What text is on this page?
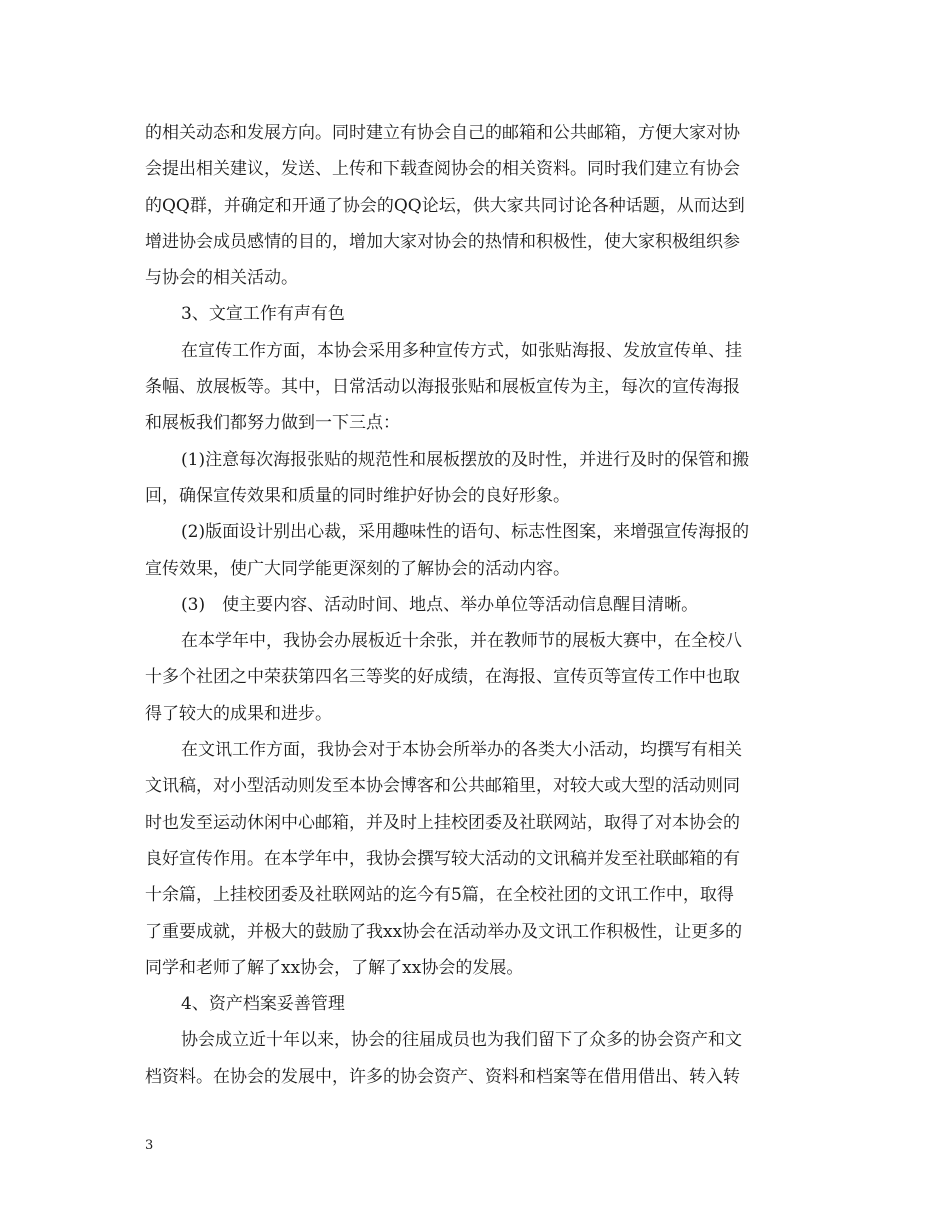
的相关动态和发展方向。同时建立有协会自己的邮箱和公共邮箱，方便大家对协
会提出相关建议，发送、上传和下载查阅协会的相关资料。同时我们建立有协会
的QQ群，并确定和开通了协会的QQ论坛，供大家共同讨论各种话题，从而达到
增进协会成员感情的目的，增加大家对协会的热情和积极性，使大家积极组织参
与协会的相关活动。
3、文宣工作有声有色
在宣传工作方面，本协会采用多种宣传方式，如张贴海报、发放宣传单、挂
条幅、放展板等。其中，日常活动以海报张贴和展板宣传为主，每次的宣传海报
和展板我们都努力做到一下三点：
(1)注意每次海报张贴的规范性和展板摆放的及时性，并进行及时的保管和搬
回，确保宣传效果和质量的同时维护好协会的良好形象。
(2)版面设计别出心裁，采用趣味性的语句、标志性图案，来增强宣传海报的
宣传效果，使广大同学能更深刻的了解协会的活动内容。
(3)　使主要内容、活动时间、地点、举办单位等活动信息醒目清晰。
在本学年中，我协会办展板近十余张，并在教师节的展板大赛中，在全校八
十多个社团之中荣获第四名三等奖的好成绩，在海报、宣传页等宣传工作中也取
得了较大的成果和进步。
在文讯工作方面，我协会对于本协会所举办的各类大小活动，均撰写有相关
文讯稿，对小型活动则发至本协会博客和公共邮箱里，对较大或大型的活动则同
时也发至运动休闲中心邮箱，并及时上挂校团委及社联网站，取得了对本协会的
良好宣传作用。在本学年中，我协会撰写较大活动的文讯稿并发至社联邮箱的有
十余篇，上挂校团委及社联网站的迄今有5篇，在全校社团的文讯工作中，取得
了重要成就，并极大的鼓励了我xx协会在活动举办及文讯工作积极性，让更多的
同学和老师了解了xx协会，了解了xx协会的发展。
4、资产档案妥善管理
协会成立近十年以来，协会的往届成员也为我们留下了众多的协会资产和文
档资料。在协会的发展中，许多的协会资产、资料和档案等在借用借出、转入转
3
